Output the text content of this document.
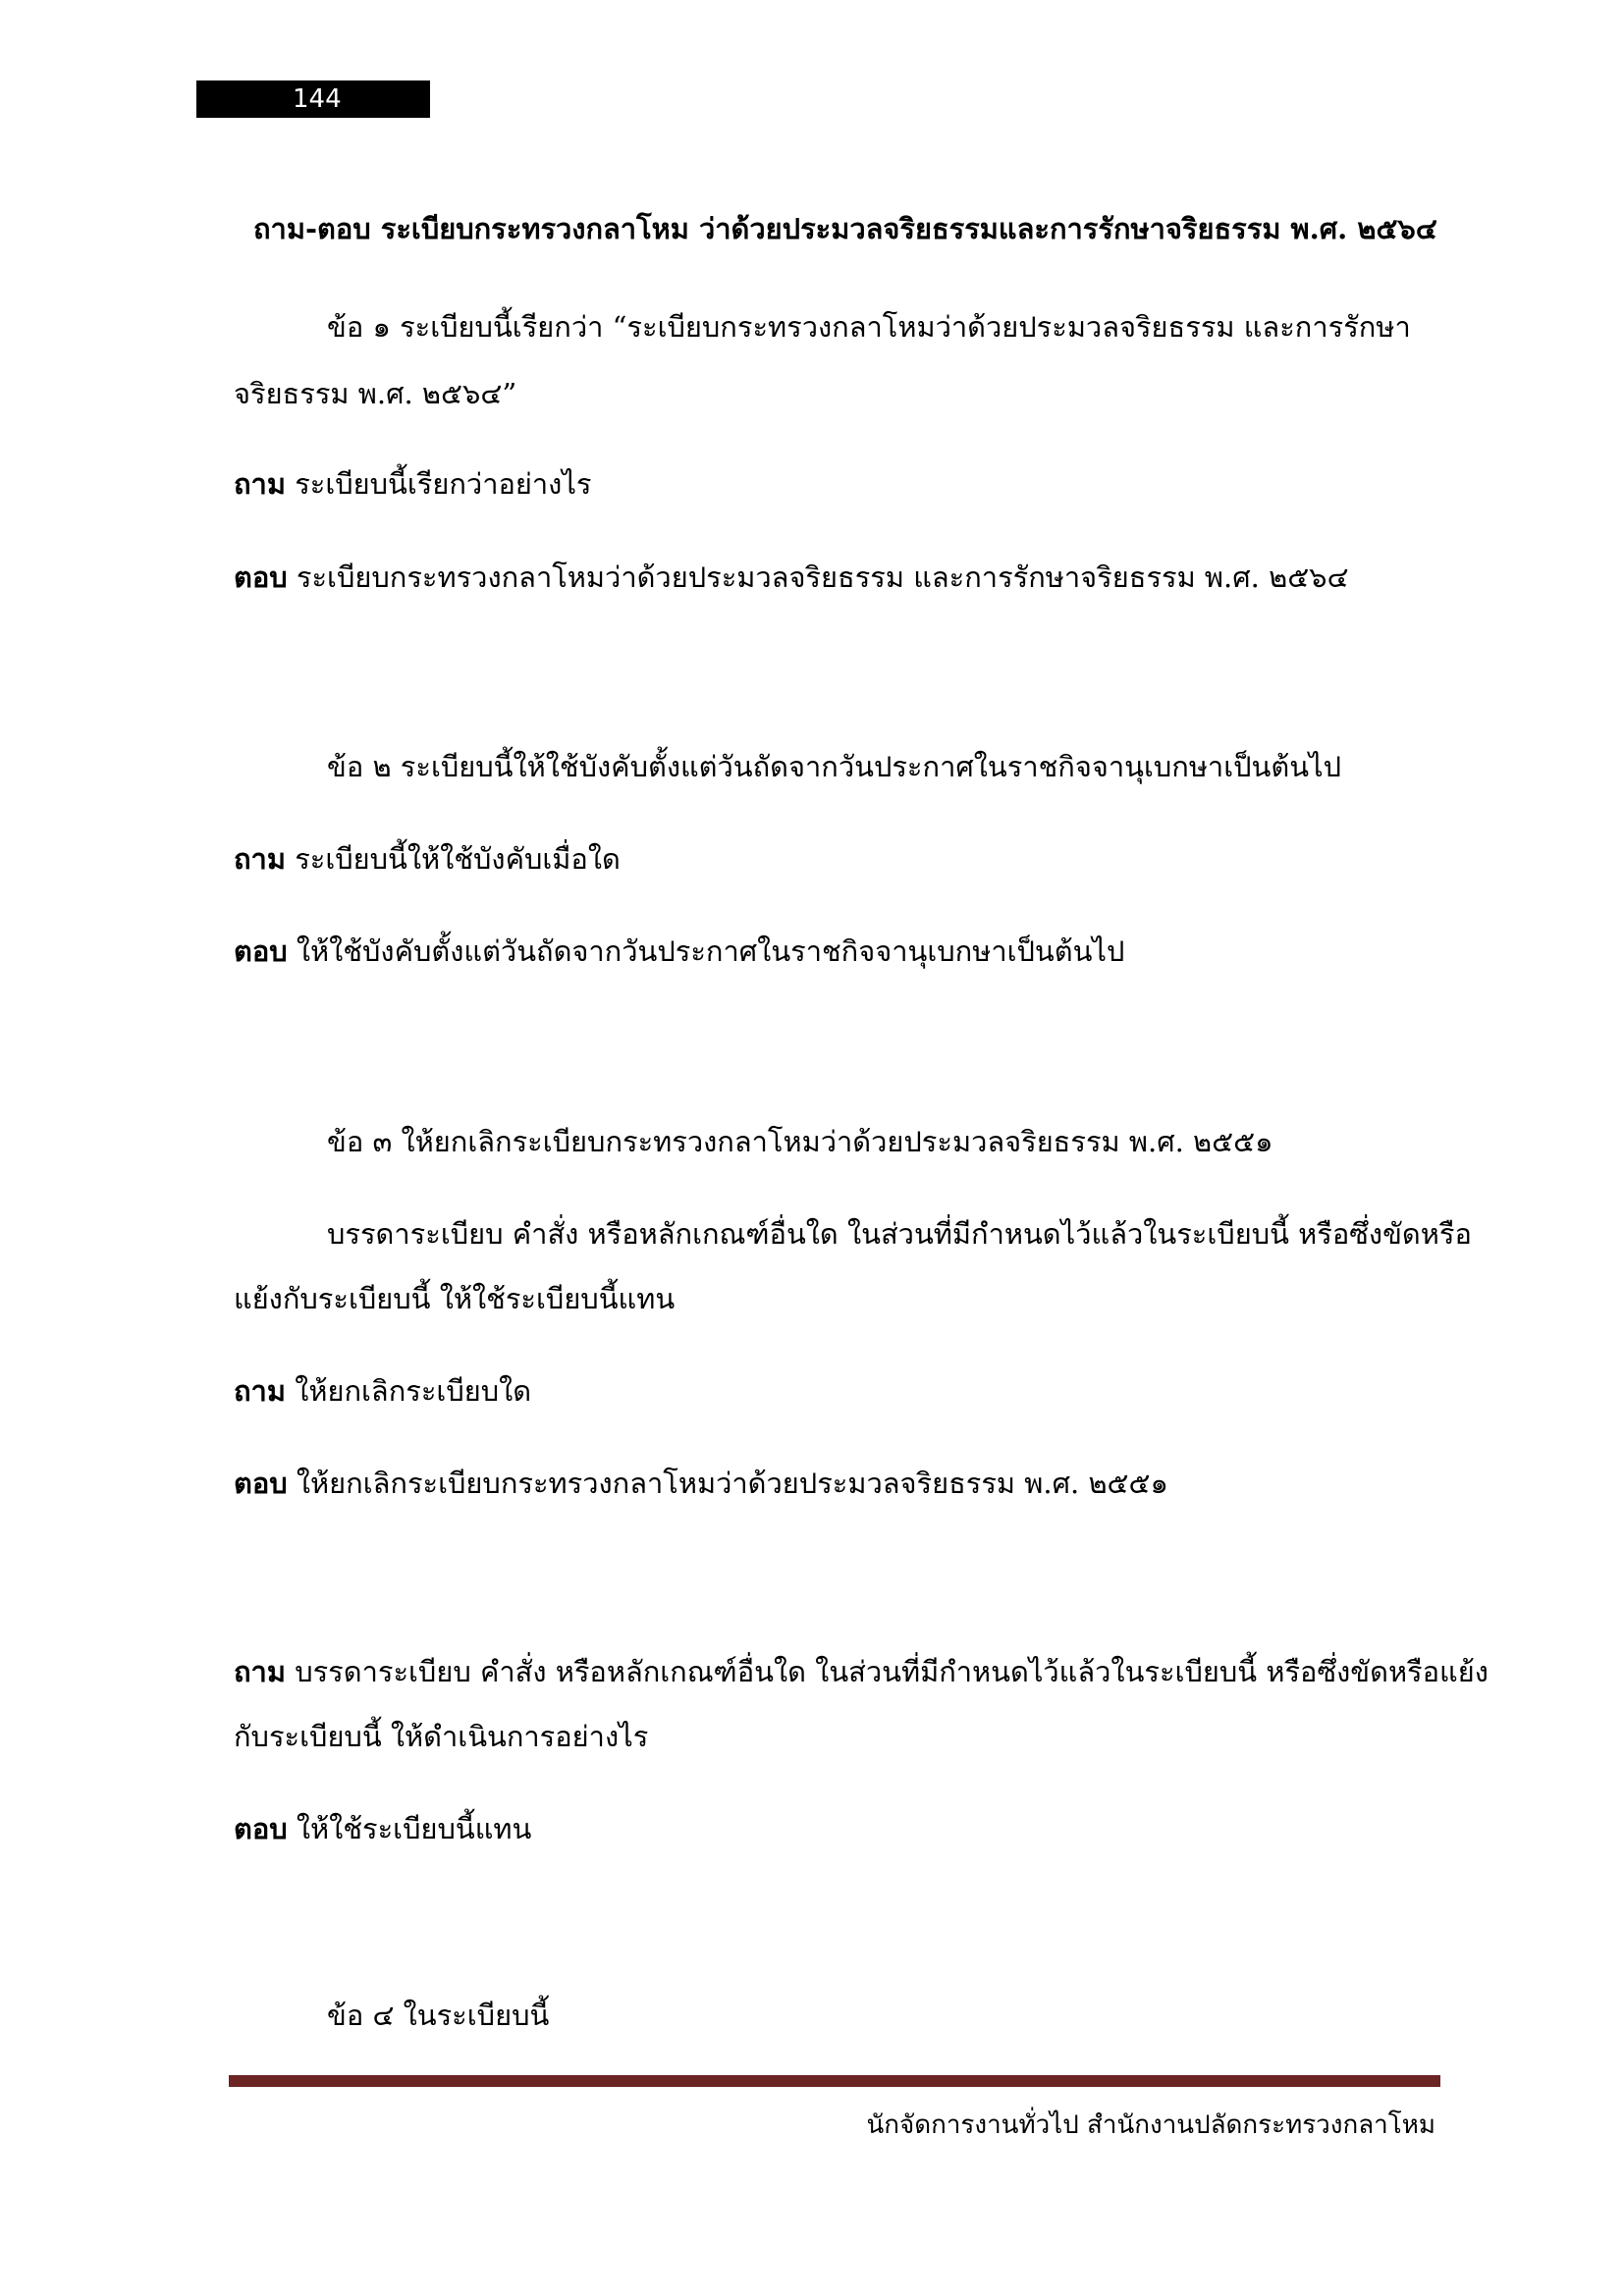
144
ถาม-ตอบ ระเบียบกระทรวงกลาโหม ว่าด้วยประมวลจริยธรรมและการรักษาจริยธรรม พ.ศ. ๒๕๖๔
ข้อ ๑ ระเบียบนี้เรียกว่า “ระเบียบกระทรวงกลาโหมว่าด้วยประมวลจริยธรรม และการรักษา
จริยธรรม พ.ศ. ๒๕๖๔”
ถาม ระเบียบนี้เรียกว่าอย่างไร
ตอบ ระเบียบกระทรวงกลาโหมว่าด้วยประมวลจริยธรรม และการรักษาจริยธรรม พ.ศ. ๒๕๖๔
ข้อ ๒ ระเบียบนี้ให้ใช้บังคับตั้งแต่วันถัดจากวันประกาศในราชกิจจานุเบกษาเป็นต้นไป
ถาม ระเบียบนี้ให้ใช้บังคับเมื่อใด
ตอบ ให้ใช้บังคับตั้งแต่วันถัดจากวันประกาศในราชกิจจานุเบกษาเป็นต้นไป
ข้อ ๓ ให้ยกเลิกระเบียบกระทรวงกลาโหมว่าด้วยประมวลจริยธรรม พ.ศ. ๒๕๕๑
บรรดาระเบียบ คำสั่ง หรือหลักเกณฑ์อื่นใด ในส่วนที่มีกำหนดไว้แล้วในระเบียบนี้ หรือซึ่งขัดหรือ
แย้งกับระเบียบนี้ ให้ใช้ระเบียบนี้แทน
ถาม ให้ยกเลิกระเบียบใด
ตอบ ให้ยกเลิกระเบียบกระทรวงกลาโหมว่าด้วยประมวลจริยธรรม พ.ศ. ๒๕๕๑
ถาม บรรดาระเบียบ คำสั่ง หรือหลักเกณฑ์อื่นใด ในส่วนที่มีกำหนดไว้แล้วในระเบียบนี้ หรือซึ่งขัดหรือแย้ง
กับระเบียบนี้ ให้ดำเนินการอย่างไร
ตอบ ให้ใช้ระเบียบนี้แทน
ข้อ ๔ ในระเบียบนี้
นักจัดการงานทั่วไป สำนักงานปลัดกระทรวงกลาโหม
